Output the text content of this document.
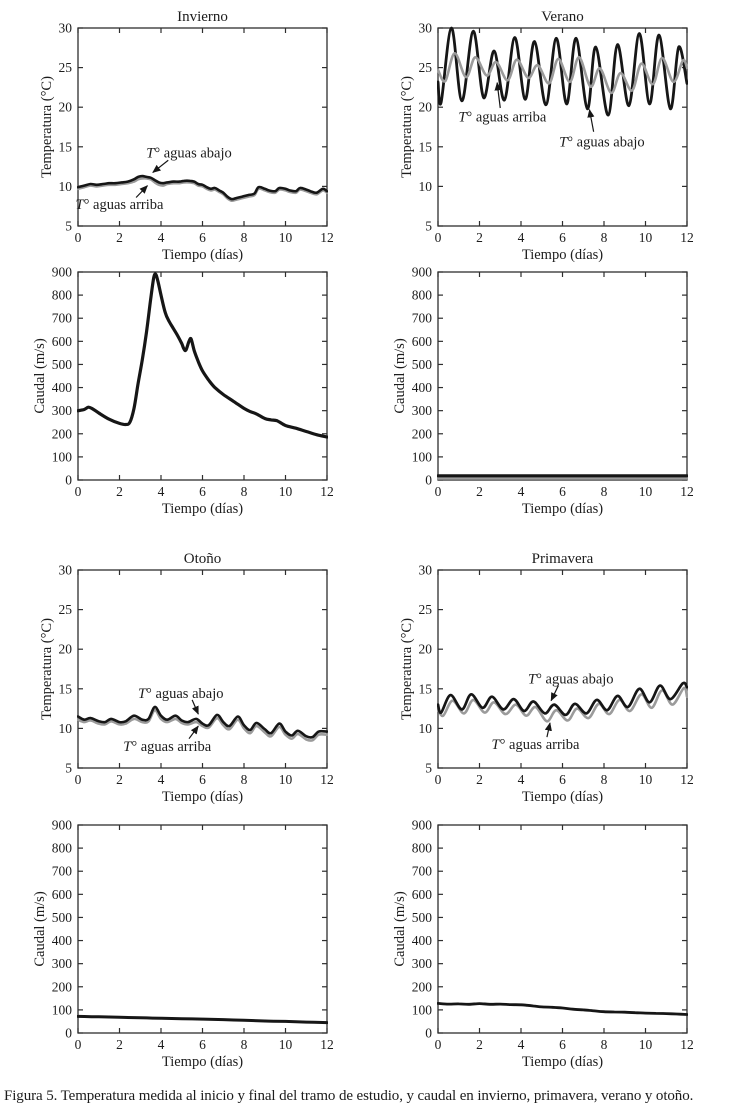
0	2	4	6	8 10 12
5
10
15
20
25
30
Invierno
Tiempo (días)
Temperatura (°C)	T° aguas abajo
T° aguas arriba
0	2	4	6	8 10 12
5
10
15
20
25
30
Verano
Tiempo (días)
Temperatura (°C)	T° aguas arriba
T° aguas abajo
0	2	4	6	8 10 12
0
100
200
300
400
500
600
700
800
900
Tiempo (días)
Caudal (m/s)
0	2	4	6	8 10 12
0
100
200
300
400
500
600
700
800
900
Tiempo (días)
Caudal (m/s)
0	2	4	6	8 10 12
5
10
15
20
25
30
Otoño
Tiempo (días)
Temperatura (°C)	T° aguas abajo
T° aguas arriba
0	2	4	6	8 10 12
5
10
15
20
25
30
Primavera
Tiempo (días)
Temperatura (°C)	T° aguas abajo
T° aguas arriba
0	2	4	6	8 10 12
0
100
200
300
400
500
600
700
800
900
Tiempo (días)
Caudal (m/s)
0	2	4	6	8 10 12
0
100
200
300
400
500
600
700
800
900
Tiempo (días)
Caudal (m/s)
Figura 5. Temperatura medida al inicio y final del tramo de estudio, y caudal en invierno, primavera, verano y otoño.
